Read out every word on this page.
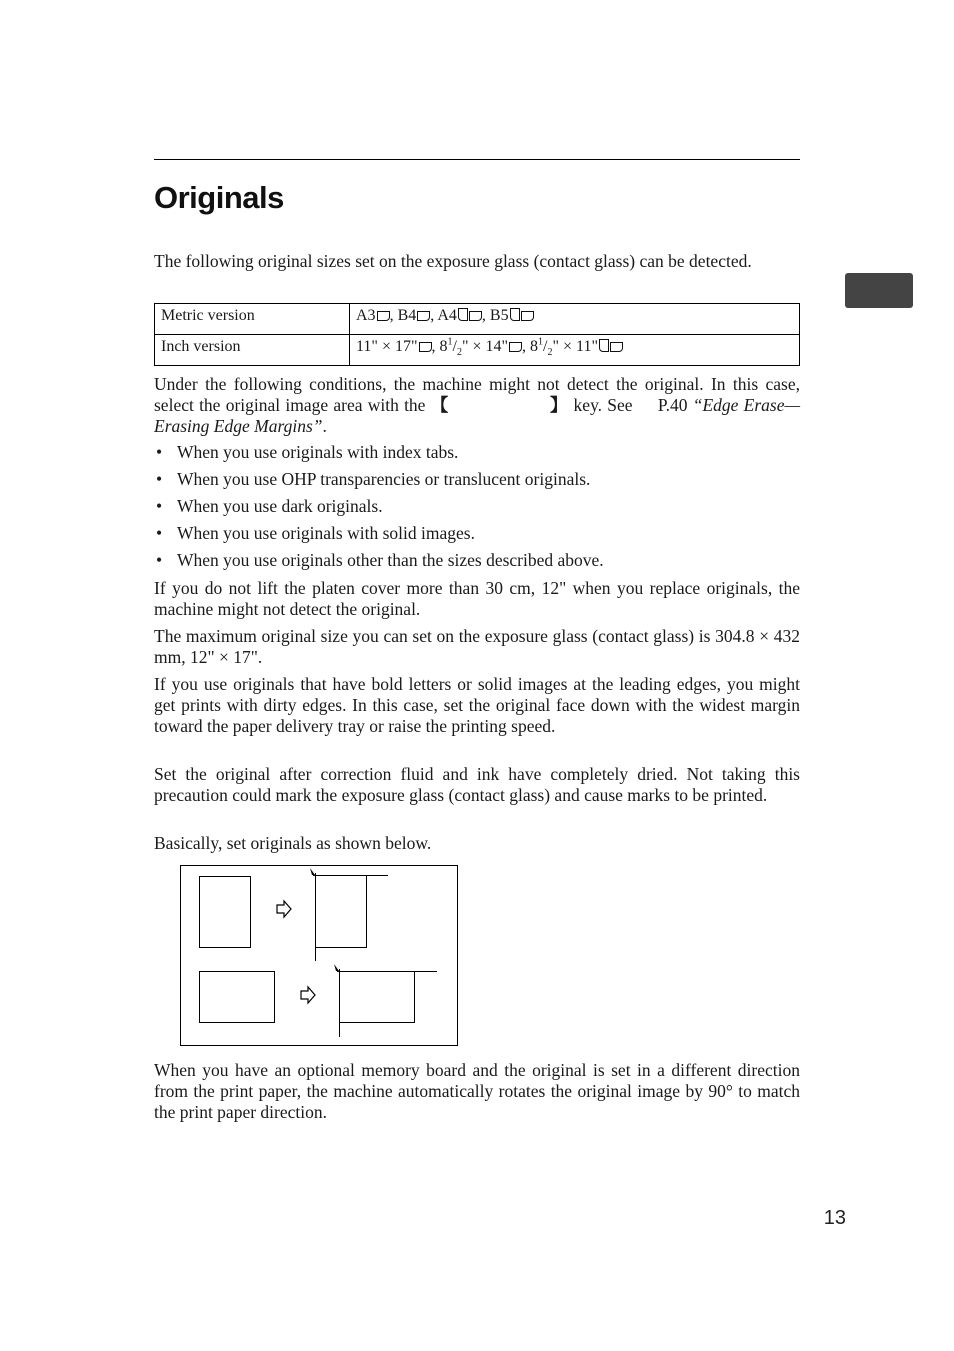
Originals

The following original sizes set on the exposure glass (contact glass) can be detected.

Metric version	A3 , B4 , A4 , B5
Inch version	11" × 17" , $8^1/_2$" × 14" , $8^1/_2$" × 11"

Under the following conditions, the machine might not detect the original. In this case, select the original image area with the 【	】 key. See P.40 “Edge Erase—Erasing Edge Margins”.

• When you use originals with index tabs.
• When you use OHP transparencies or translucent originals.
• When you use dark originals.
• When you use originals with solid images.
• When you use originals other than the sizes described above.

If you do not lift the platen cover more than 30 cm, 12" when you replace originals, the machine might not detect the original.

The maximum original size you can set on the exposure glass (contact glass) is 304.8 × 432 mm, 12" × 17".

If you use originals that have bold letters or solid images at the leading edges, you might get prints with dirty edges. In this case, set the original face down with the widest margin toward the paper delivery tray or raise the printing speed.

Set the original after correction fluid and ink have completely dried. Not taking this precaution could mark the exposure glass (contact glass) and cause marks to be printed.

Basically, set originals as shown below.

When you have an optional memory board and the original is set in a different direction from the print paper, the machine automatically rotates the original image by 90° to match the print paper direction.

13
